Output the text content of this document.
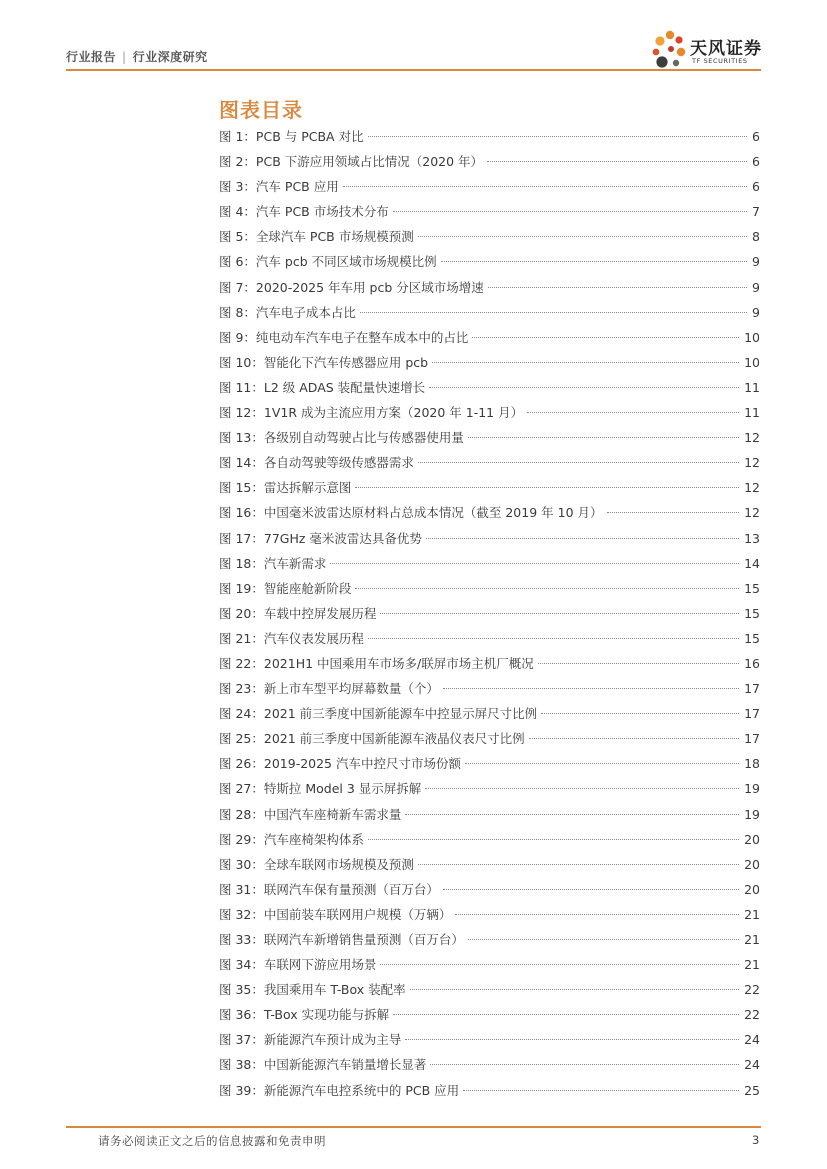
行业报告 | 行业深度研究	天风证券
TF SECURITIES
图表目录
图 1：PCB 与 PCBA 对比	6
图 2：PCB 下游应用领域占比情况（2020 年）	6
图 3：汽车 PCB 应用	6
图 4：汽车 PCB 市场技术分布	7
图 5：全球汽车 PCB 市场规模预测	8
图 6：汽车 pcb 不同区域市场规模比例	9
图 7：2020-2025 年车用 pcb 分区域市场增速	9
图 8：汽车电子成本占比	9
图 9：纯电动车汽车电子在整车成本中的占比	10
图 10：智能化下汽车传感器应用 pcb	10
图 11：L2 级 ADAS 装配量快速增长	11
图 12：1V1R 成为主流应用方案（2020 年 1-11 月）	11
图 13：各级别自动驾驶占比与传感器使用量	12
图 14：各自动驾驶等级传感器需求	12
图 15：雷达拆解示意图	12
图 16：中国毫米波雷达原材料占总成本情况（截至 2019 年 10 月）	12
图 17：77GHz 毫米波雷达具备优势	13
图 18：汽车新需求	14
图 19：智能座舱新阶段	15
图 20：车载中控屏发展历程	15
图 21：汽车仪表发展历程	15
图 22：2021H1 中国乘用车市场多/联屏市场主机厂概况	16
图 23：新上市车型平均屏幕数量（个）	17
图 24：2021 前三季度中国新能源车中控显示屏尺寸比例	17
图 25：2021 前三季度中国新能源车液晶仪表尺寸比例	17
图 26：2019-2025 汽车中控尺寸市场份额	18
图 27：特斯拉 Model 3 显示屏拆解	19
图 28：中国汽车座椅新车需求量	19
图 29：汽车座椅架构体系	20
图 30：全球车联网市场规模及预测	20
图 31：联网汽车保有量预测（百万台）	20
图 32：中国前装车联网用户规模（万辆）	21
图 33：联网汽车新增销售量预测（百万台）	21
图 34：车联网下游应用场景	21
图 35：我国乘用车 T-Box 装配率	22
图 36：T-Box 实现功能与拆解	22
图 37：新能源汽车预计成为主导	24
图 38：中国新能源汽车销量增长显著	24
图 39：新能源汽车电控系统中的 PCB 应用	25
请务必阅读正文之后的信息披露和免责申明	3
